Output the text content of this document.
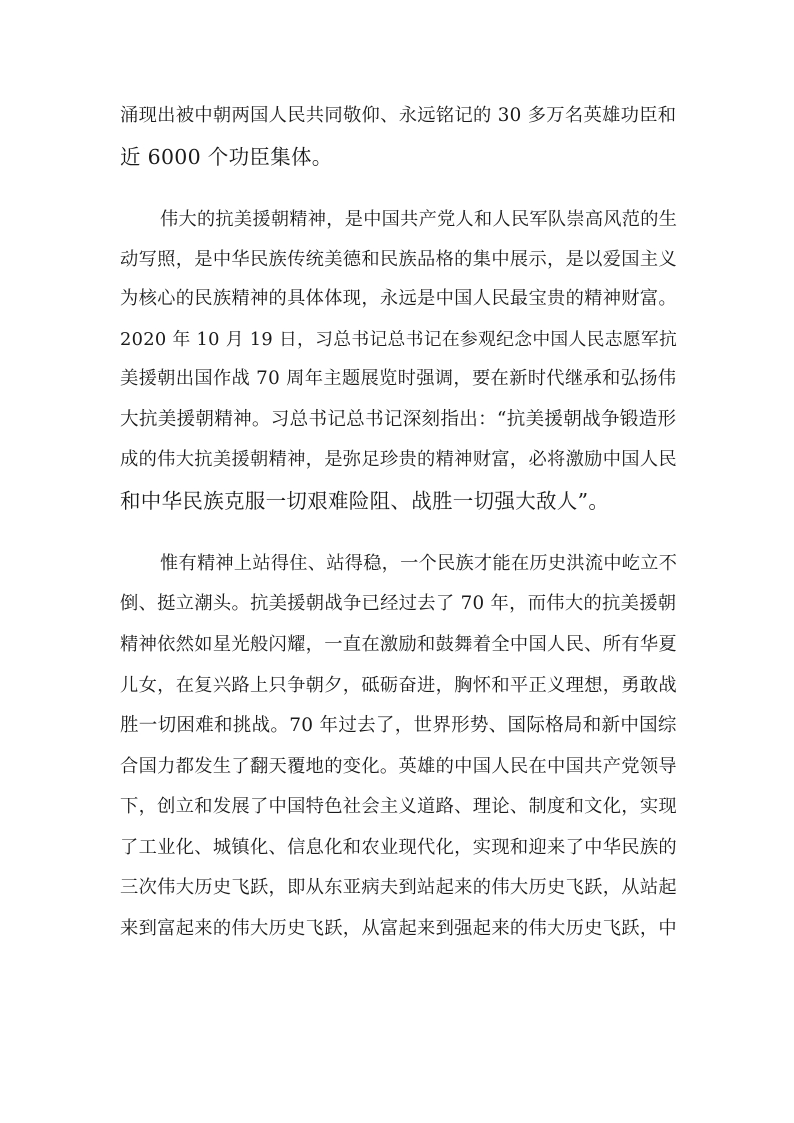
涌现出被中朝两国人民共同敬仰、永远铭记的 30 多万名英雄功臣和
近 6000 个功臣集体。
伟大的抗美援朝精神，是中国共产党人和人民军队崇高风范的生
动写照，是中华民族传统美德和民族品格的集中展示，是以爱国主义
为核心的民族精神的具体体现，永远是中国人民最宝贵的精神财富。
2020 年 10 月 19 日，习总书记总书记在参观纪念中国人民志愿军抗
美援朝出国作战 70 周年主题展览时强调，要在新时代继承和弘扬伟
大抗美援朝精神。习总书记总书记深刻指出：“抗美援朝战争锻造形
成的伟大抗美援朝精神，是弥足珍贵的精神财富，必将激励中国人民
和中华民族克服一切艰难险阻、战胜一切强大敌人”。
惟有精神上站得住、站得稳，一个民族才能在历史洪流中屹立不
倒、挺立潮头。抗美援朝战争已经过去了 70 年，而伟大的抗美援朝
精神依然如星光般闪耀，一直在激励和鼓舞着全中国人民、所有华夏
儿女，在复兴路上只争朝夕，砥砺奋进，胸怀和平正义理想，勇敢战
胜一切困难和挑战。70 年过去了，世界形势、国际格局和新中国综
合国力都发生了翻天覆地的变化。英雄的中国人民在中国共产党领导
下，创立和发展了中国特色社会主义道路、理论、制度和文化，实现
了工业化、城镇化、信息化和农业现代化，实现和迎来了中华民族的
三次伟大历史飞跃，即从东亚病夫到站起来的伟大历史飞跃，从站起
来到富起来的伟大历史飞跃，从富起来到强起来的伟大历史飞跃，中
